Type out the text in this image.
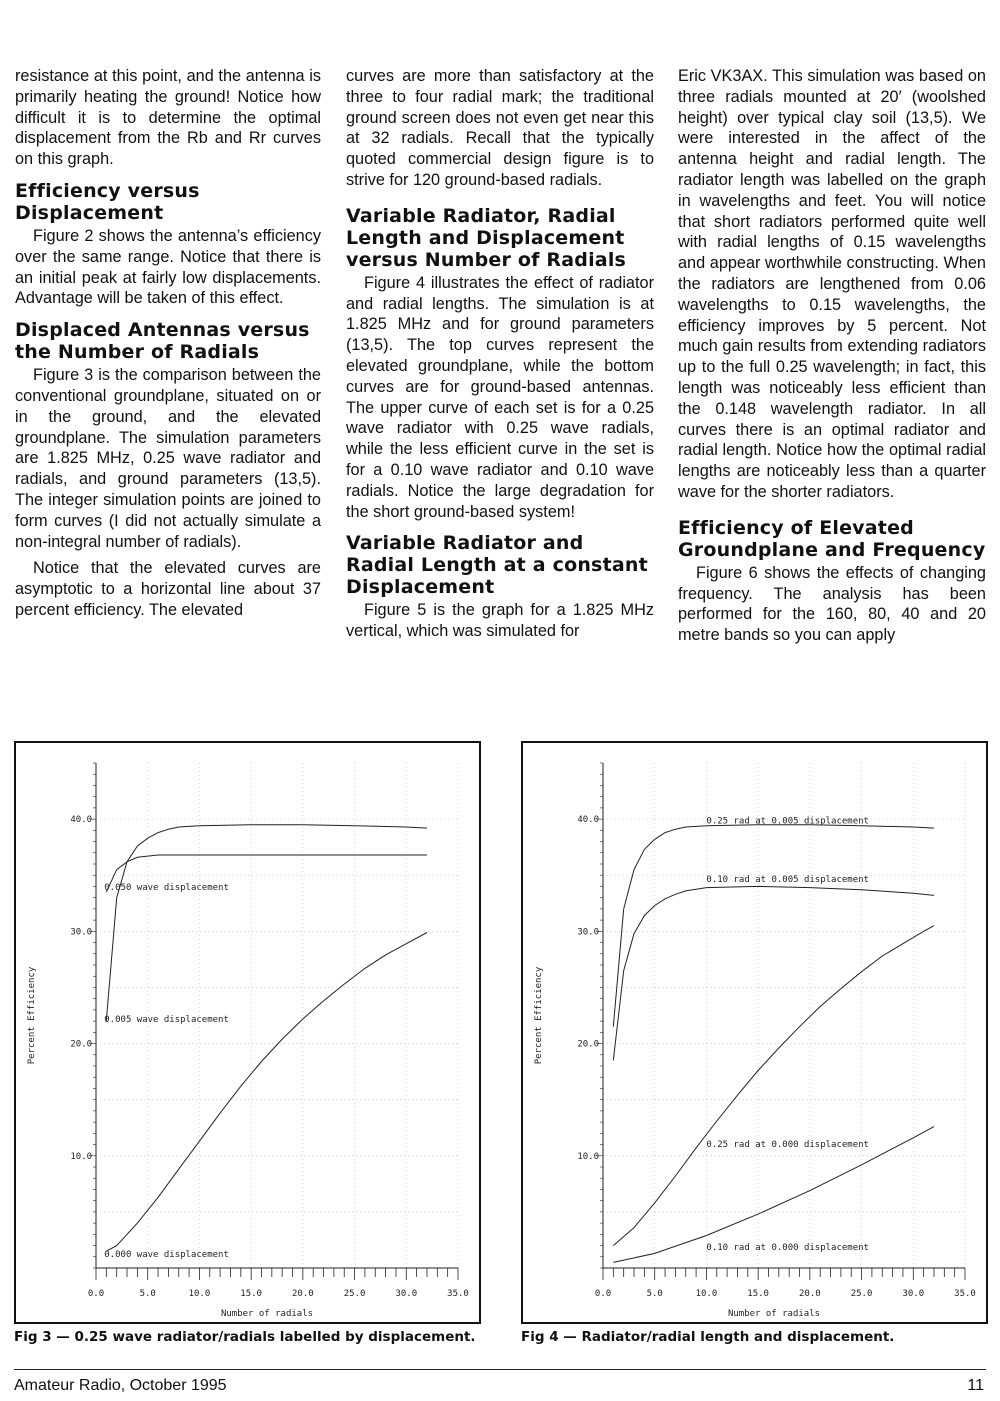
resistance at this point, and the antenna is primarily heating the ground! Notice how difficult it is to determine the optimal displacement from the Rb and Rr curves on this graph.

Efficiency versus Displacement

Figure 2 shows the antenna’s efficiency over the same range. Notice that there is an initial peak at fairly low displacements. Advantage will be taken of this effect.

Displaced Antennas versus the Number of Radials

Figure 3 is the comparison between the conventional groundplane, situated on or in the ground, and the elevated groundplane. The simulation parameters are 1.825 MHz, 0.25 wave radiator and radials, and ground parameters (13,5). The integer simulation points are joined to form curves (I did not actually simulate a non-integral number of radials).

Notice that the elevated curves are asymptotic to a horizontal line about 37 percent efficiency. The elevated

curves are more than satisfactory at the three to four radial mark; the traditional ground screen does not even get near this at 32 radials. Recall that the typically quoted commercial design figure is to strive for 120 ground-based radials.

Variable Radiator, Radial Length and Displacement versus Number of Radials

Figure 4 illustrates the effect of radiator and radial lengths. The simulation is at 1.825 MHz and for ground parameters (13,5). The top curves represent the elevated groundplane, while the bottom curves are for ground-based antennas. The upper curve of each set is for a 0.25 wave radiator with 0.25 wave radials, while the less efficient curve in the set is for a 0.10 wave radiator and 0.10 wave radials. Notice the large degradation for the short ground-based system!

Variable Radiator and Radial Length at a constant Displacement

Figure 5 is the graph for a 1.825 MHz vertical, which was simulated for

Eric VK3AX. This simulation was based on three radials mounted at 20′ (woolshed height) over typical clay soil (13,5). We were interested in the affect of the antenna height and radial length. The radiator length was labelled on the graph in wavelengths and feet. You will notice that short radiators performed quite well with radial lengths of 0.15 wavelengths and appear worthwhile constructing. When the radiators are lengthened from 0.06 wavelengths to 0.15 wavelengths, the efficiency improves by 5 percent. Not much gain results from extending radiators up to the full 0.25 wavelength; in fact, this length was noticeably less efficient than the 0.148 wavelength radiator. In all curves there is an optimal radiator and radial length. Notice how the optimal radial lengths are noticeably less than a quarter wave for the shorter radiators.

Efficiency of Elevated Groundplane and Frequency

Figure 6 shows the effects of changing frequency. The analysis has been performed for the 160, 80, 40 and 20 metre bands so you can apply

0.0	5.0	10.0	15.0	20.0	25.0	30.0	35.0
10.0
20.0
30.0
40.0
Number of radials
Percent Efficiency
0.050 wave displacement
0.005 wave displacement
0.000 wave displacement
0.0	5.0	10.0	15.0	20.0	25.0	30.0	35.0
10.0
20.0
30.0
40.0
Number of radials
Percent Efficiency
0.25 rad at 0.005 displacement
0.10 rad at 0.005 displacement
0.25 rad at 0.000 displacement
0.10 rad at 0.000 displacement
Fig 3 — 0.25 wave radiator/radials labelled by displacement.	Fig 4 — Radiator/radial length and displacement.
Amateur Radio, October 1995	11
